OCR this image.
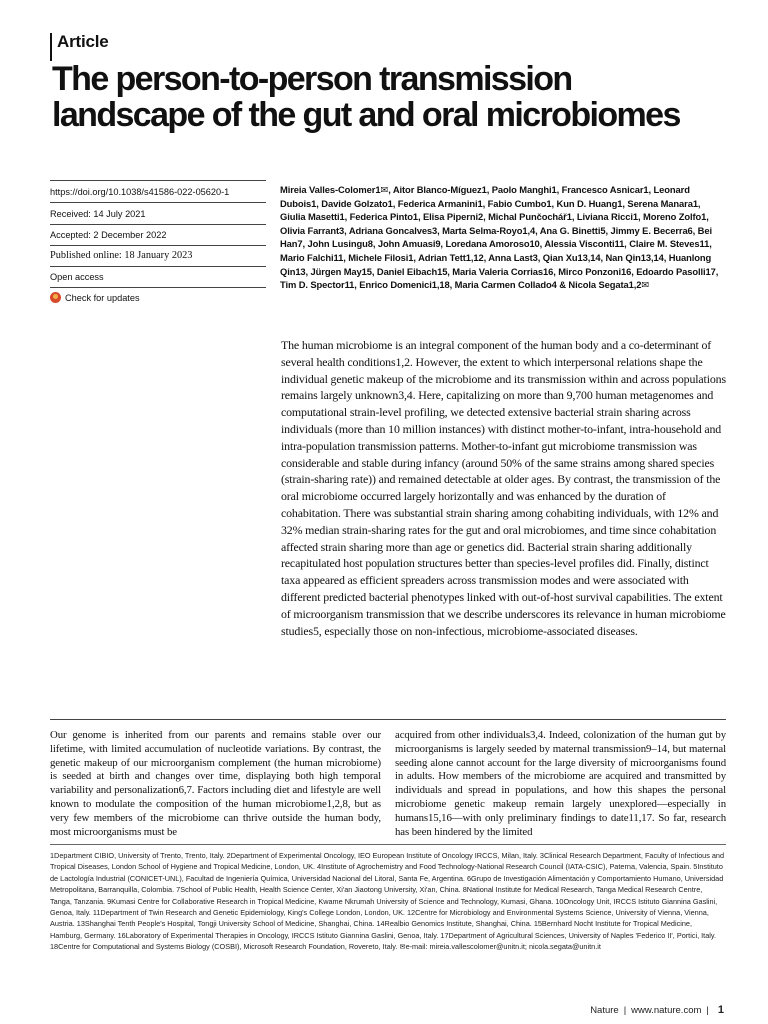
Article
The person-to-person transmission
landscape of the gut and oral microbiomes
https://doi.org/10.1038/s41586-022-05620-1
Received: 14 July 2021
Accepted: 2 December 2022
Published online: 18 January 2023
Open access
Check for updates
Mireia Valles-Colomer1✉, Aitor Blanco-Míguez1, Paolo Manghi1, Francesco Asnicar1, Leonard Dubois1, Davide Golzato1, Federica Armanini1, Fabio Cumbo1, Kun D. Huang1, Serena Manara1, Giulia Masetti1, Federica Pinto1, Elisa Piperni2, Michal Punčochář1, Liviana Ricci1, Moreno Zolfo1, Olivia Farrant3, Adriana Goncalves3, Marta Selma-Royo1,4, Ana G. Binetti5, Jimmy E. Becerra6, Bei Han7, John Lusingu8, John Amuasi9, Loredana Amoroso10, Alessia Visconti11, Claire M. Steves11, Mario Falchi11, Michele Filosi1, Adrian Tett1,12, Anna Last3, Qian Xu13,14, Nan Qin13,14, Huanlong Qin13, Jürgen May15, Daniel Eibach15, Maria Valeria Corrias16, Mirco Ponzoni16, Edoardo Pasolli17, Tim D. Spector11, Enrico Domenici1,18, Maria Carmen Collado4 & Nicola Segata1,2✉
The human microbiome is an integral component of the human body and a co-determinant of several health conditions1,2. However, the extent to which interpersonal relations shape the individual genetic makeup of the microbiome and its transmission within and across populations remains largely unknown3,4. Here, capitalizing on more than 9,700 human metagenomes and computational strain-level profiling, we detected extensive bacterial strain sharing across individuals (more than 10 million instances) with distinct mother-to-infant, intra-household and intra-population transmission patterns. Mother-to-infant gut microbiome transmission was considerable and stable during infancy (around 50% of the same strains among shared species (strain-sharing rate)) and remained detectable at older ages. By contrast, the transmission of the oral microbiome occurred largely horizontally and was enhanced by the duration of cohabitation. There was substantial strain sharing among cohabiting individuals, with 12% and 32% median strain-sharing rates for the gut and oral microbiomes, and time since cohabitation affected strain sharing more than age or genetics did. Bacterial strain sharing additionally recapitulated host population structures better than species-level profiles did. Finally, distinct taxa appeared as efficient spreaders across transmission modes and were associated with different predicted bacterial phenotypes linked with out-of-host survival capabilities. The extent of microorganism transmission that we describe underscores its relevance in human microbiome studies5, especially those on non-infectious, microbiome-associated diseases.
Our genome is inherited from our parents and remains stable over our lifetime, with limited accumulation of nucleotide variations. By contrast, the genetic makeup of our microorganism complement (the human microbiome) is seeded at birth and changes over time, displaying both high temporal variability and personalization6,7. Factors including diet and lifestyle are well known to modulate the composition of the human microbiome1,2,8, but as very few members of the microbiome can thrive outside the human body, most microorganisms must be
acquired from other individuals3,4. Indeed, colonization of the human gut by microorganisms is largely seeded by maternal transmission9–14, but maternal seeding alone cannot account for the large diversity of microorganisms found in adults. How members of the microbiome are acquired and transmitted by individuals and spread in populations, and how this shapes the personal microbiome genetic makeup remain largely unexplored—especially in humans15,16—with only preliminary findings to date11,17. So far, research has been hindered by the limited
1Department CIBIO, University of Trento, Trento, Italy. 2Department of Experimental Oncology, IEO European Institute of Oncology IRCCS, Milan, Italy. 3Clinical Research Department, Faculty of Infectious and Tropical Diseases, London School of Hygiene and Tropical Medicine, London, UK. 4Institute of Agrochemistry and Food Technology-National Research Council (IATA-CSIC), Paterna, Valencia, Spain. 5Instituto de Lactología Industrial (CONICET-UNL), Facultad de Ingeniería Química, Universidad Nacional del Litoral, Santa Fe, Argentina. 6Grupo de Investigación Alimentación y Comportamiento Humano, Universidad Metropolitana, Barranquilla, Colombia. 7School of Public Health, Health Science Center, Xi'an Jiaotong University, Xi'an, China. 8National Institute for Medical Research, Tanga Medical Research Centre, Tanga, Tanzania. 9Kumasi Centre for Collaborative Research in Tropical Medicine, Kwame Nkrumah University of Science and Technology, Kumasi, Ghana. 10Oncology Unit, IRCCS Istituto Giannina Gaslini, Genoa, Italy. 11Department of Twin Research and Genetic Epidemiology, King's College London, London, UK. 12Centre for Microbiology and Environmental Systems Science, University of Vienna, Vienna, Austria. 13Shanghai Tenth People's Hospital, Tongji University School of Medicine, Shanghai, China. 14Realbio Genomics Institute, Shanghai, China. 15Bernhard Nocht Institute for Tropical Medicine, Hamburg, Germany. 16Laboratory of Experimental Therapies in Oncology, IRCCS Istituto Giannina Gaslini, Genoa, Italy. 17Department of Agricultural Sciences, University of Naples 'Federico II', Portici, Italy. 18Centre for Computational and Systems Biology (COSBI), Microsoft Research Foundation, Rovereto, Italy. ✉e-mail: mireia.vallescolomer@unitn.it; nicola.segata@unitn.it
Nature | www.nature.com | 1
